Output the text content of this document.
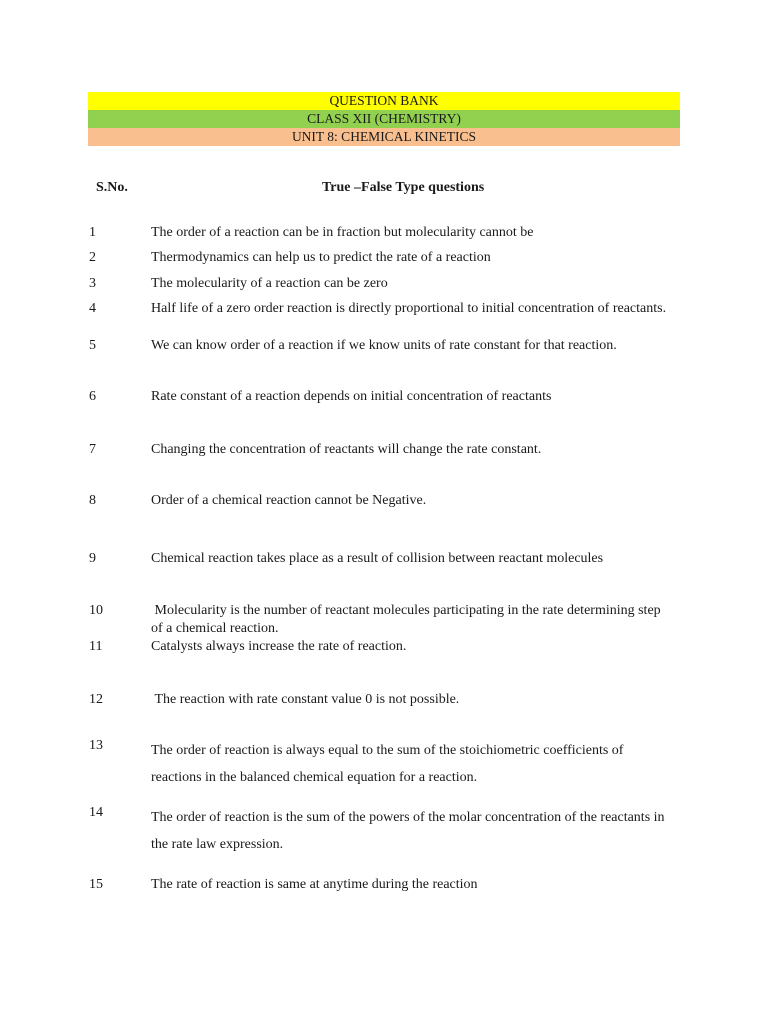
QUESTION BANK
CLASS XII (CHEMISTRY)
UNIT 8: CHEMICAL KINETICS
S.No.	True –False Type questions
1	The order of a reaction can be in fraction but molecularity cannot be
2	Thermodynamics can help us to predict the rate of a reaction
3	The molecularity of a reaction can be zero
4	Half life of a zero order reaction is directly proportional to initial concentration of reactants.
5	We can know order of a reaction if we know units of rate constant for that reaction.
6	Rate constant of a reaction depends on initial concentration of reactants
7	Changing the concentration of reactants will change the rate constant.
8	Order of a chemical reaction cannot be Negative.
9	Chemical reaction takes place as a result of collision between reactant molecules
10	Molecularity is the number of reactant molecules participating in the rate determining step of a chemical reaction.
11	Catalysts always increase the rate of reaction.
12	The reaction with rate constant value 0 is not possible.
13	The order of reaction is always equal to the sum of the stoichiometric coefficients of reactions in the balanced chemical equation for a reaction.
14	The order of reaction is the sum of the powers of the molar concentration of the reactants in the rate law expression.
15	The rate of reaction is same at anytime during the reaction
